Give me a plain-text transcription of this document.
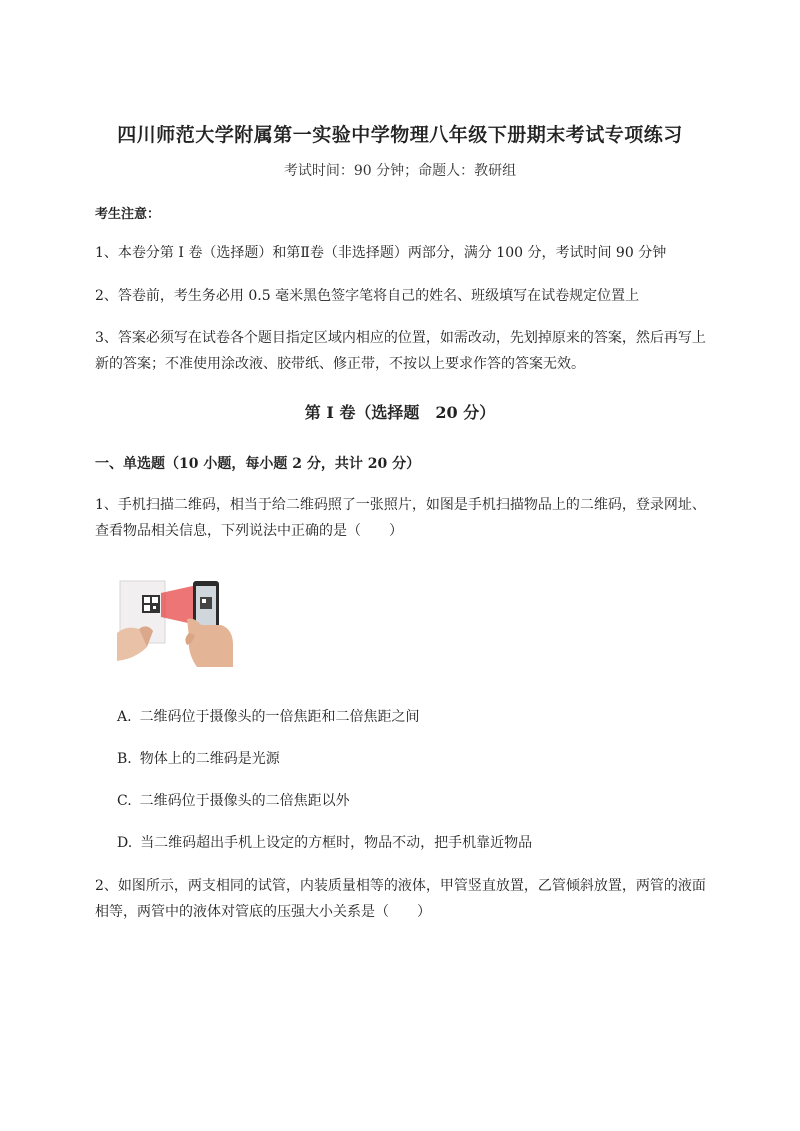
四川师范大学附属第一实验中学物理八年级下册期末考试专项练习
考试时间：90 分钟；命题人：教研组
考生注意：
1、本卷分第 I 卷（选择题）和第Ⅱ卷（非选择题）两部分，满分 100 分，考试时间 90 分钟
2、答卷前，考生务必用 0.5 毫米黑色签字笔将自己的姓名、班级填写在试卷规定位置上
3、答案必须写在试卷各个题目指定区域内相应的位置，如需改动，先划掉原来的答案，然后再写上新的答案；不准使用涂改液、胶带纸、修正带，不按以上要求作答的答案无效。
第 I 卷（选择题　20 分）
一、单选题（10 小题，每小题 2 分，共计 20 分）
1、手机扫描二维码，相当于给二维码照了一张照片，如图是手机扫描物品上的二维码，登录网址、查看物品相关信息，下列说法中正确的是（　　）
A. 二维码位于摄像头的一倍焦距和二倍焦距之间
B. 物体上的二维码是光源
C. 二维码位于摄像头的二倍焦距以外
D. 当二维码超出手机上设定的方框时，物品不动，把手机靠近物品
2、如图所示，两支相同的试管，内装质量相等的液体，甲管竖直放置，乙管倾斜放置，两管的液面相等，两管中的液体对管底的压强大小关系是（　　）
